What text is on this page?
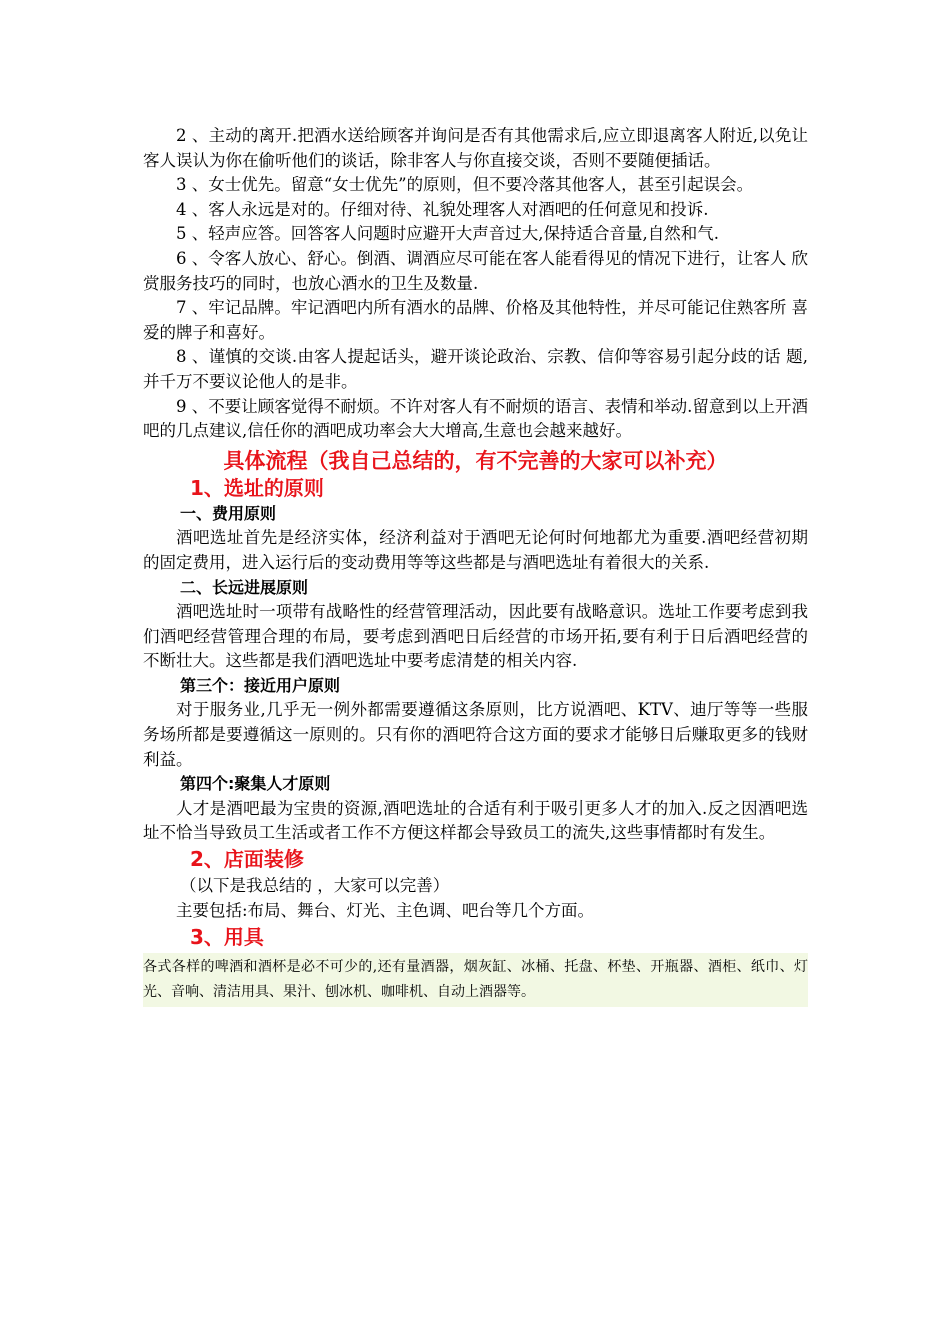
2 、主动的离开.把酒水送给顾客并询问是否有其他需求后,应立即退离客人附近,以免让客人误认为你在偷听他们的谈话，除非客人与你直接交谈，否则不要随便插话。

3 、女士优先。留意“女士优先”的原则，但不要冷落其他客人，甚至引起误会。

4 、客人永远是对的。仔细对待、礼貌处理客人对酒吧的任何意见和投诉.

5 、轻声应答。回答客人问题时应避开大声音过大,保持适合音量,自然和气.

6 、令客人放心、舒心。倒酒、调酒应尽可能在客人能看得见的情况下进行，让客人 欣赏服务技巧的同时，也放心酒水的卫生及数量.

7 、牢记品牌。牢记酒吧内所有酒水的品牌、价格及其他特性，并尽可能记住熟客所 喜爱的牌子和喜好。

8 、谨慎的交谈.由客人提起话头，避开谈论政治、宗教、信仰等容易引起分歧的话 题,并千万不要议论他人的是非。

9 、不要让顾客觉得不耐烦。不许对客人有不耐烦的语言、表情和举动.留意到以上开酒吧的几点建议,信任你的酒吧成功率会大大增高,生意也会越来越好。

具体流程（我自己总结的，有不完善的大家可以补充）

1、选址的原则

一、费用原则

酒吧选址首先是经济实体，经济利益对于酒吧无论何时何地都尤为重要.酒吧经营初期的固定费用，进入运行后的变动费用等等这些都是与酒吧选址有着很大的关系.

二、长远进展原则

酒吧选址时一项带有战略性的经营管理活动，因此要有战略意识。选址工作要考虑到我们酒吧经营管理合理的布局，要考虑到酒吧日后经营的市场开拓,要有利于日后酒吧经营的不断壮大。这些都是我们酒吧选址中要考虑清楚的相关内容.

第三个：接近用户原则

对于服务业,几乎无一例外都需要遵循这条原则，比方说酒吧、KTV、迪厅等等一些服务场所都是要遵循这一原则的。只有你的酒吧符合这方面的要求才能够日后赚取更多的钱财利益。

第四个:聚集人才原则

人才是酒吧最为宝贵的资源,酒吧选址的合适有利于吸引更多人才的加入.反之因酒吧选址不恰当导致员工生活或者工作不方便这样都会导致员工的流失,这些事情都时有发生。

2、店面装修

（以下是我总结的 ，大家可以完善）

主要包括:布局、舞台、灯光、主色调、吧台等几个方面。

3、用具

各式各样的啤酒和酒杯是必不可少的,还有量酒器，烟灰缸、冰桶、托盘、杯垫、开瓶器、酒柜、纸巾、灯光、音响、清洁用具、果汁、刨冰机、咖啡机、自动上酒器等。
